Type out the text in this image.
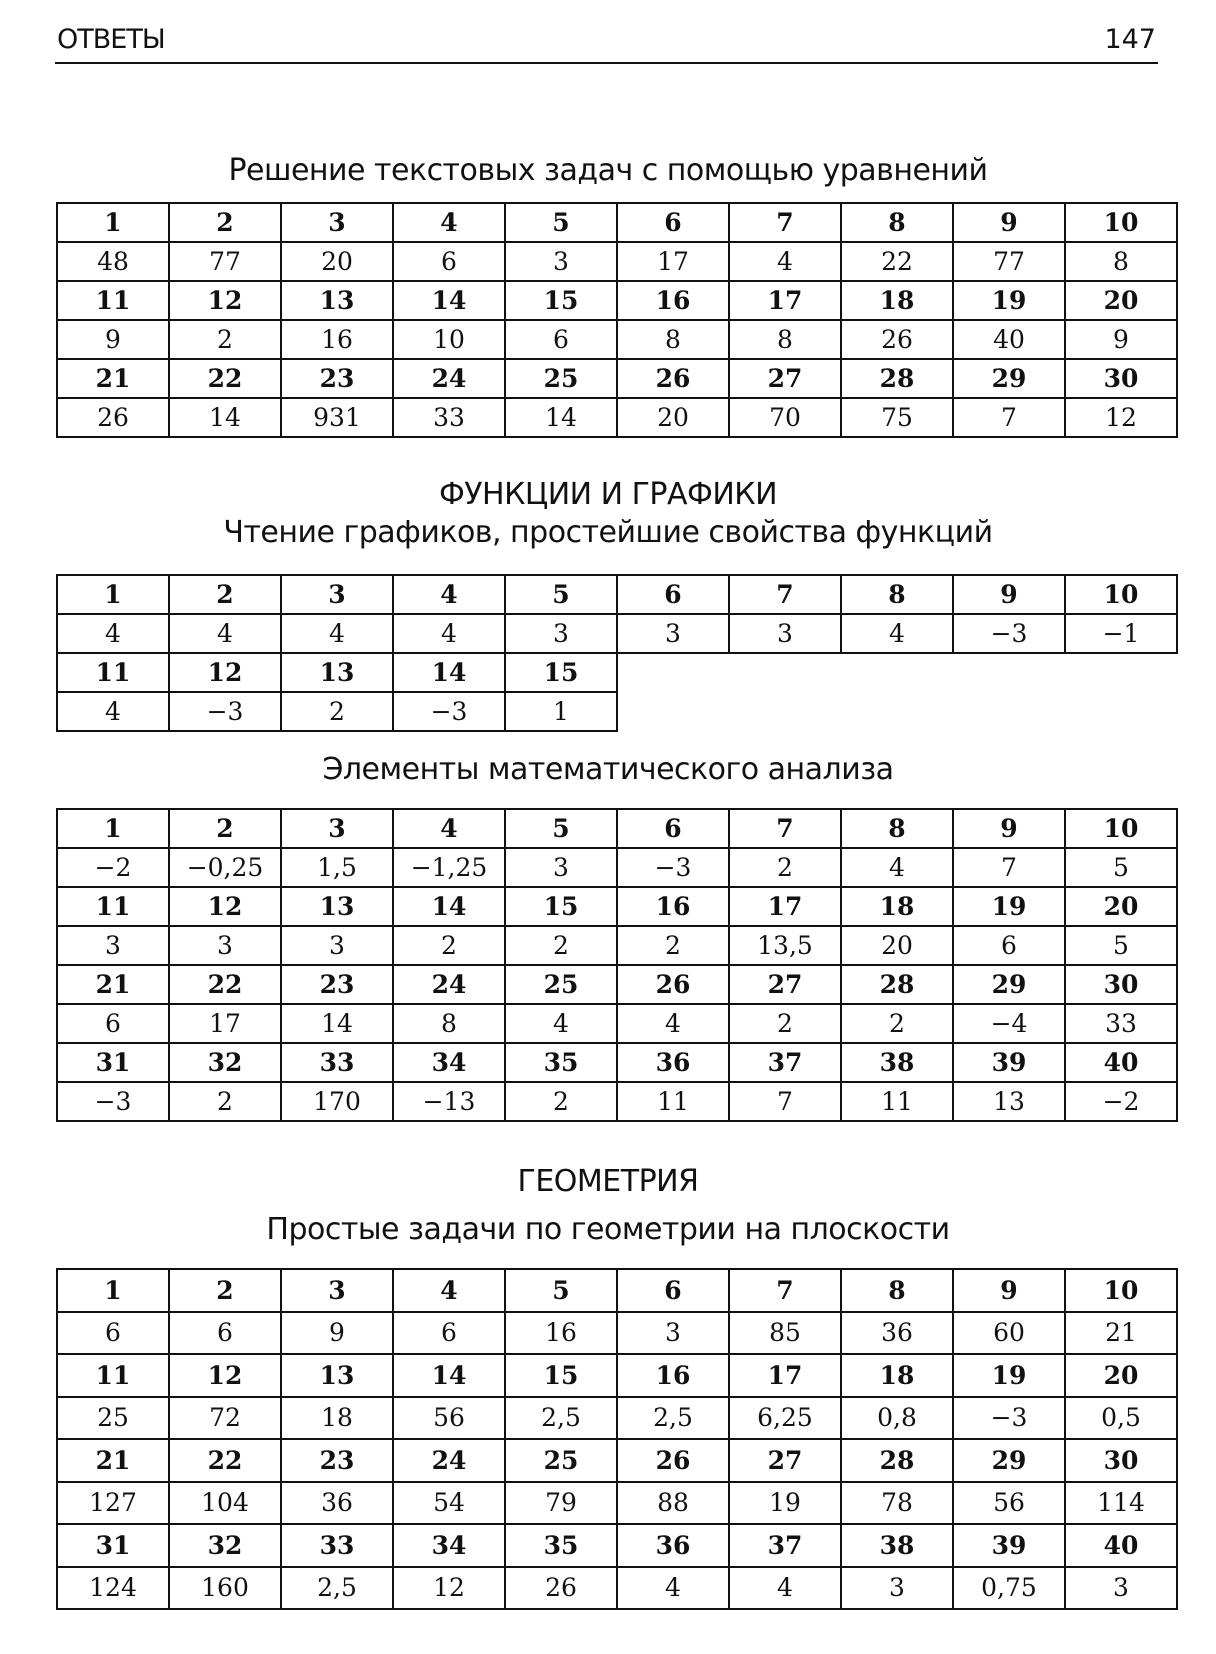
ОТВЕТЫ	147
Решение текстовых задач с помощью уравнений
1	2	3	4	5	6	7	8	9	10
48	77	20	6	3	17	4	22	77	8
11	12	13	14	15	16	17	18	19	20
9	2	16	10	6	8	8	26	40	9
21	22	23	24	25	26	27	28	29	30
26	14	931	33	14	20	70	75	7	12
ФУНКЦИИ И ГРАФИКИ
Чтение графиков, простейшие свойства функций
1	2	3	4	5	6	7	8	9	10
4	4	4	4	3	3	3	4	−3	−1
11	12	13	14	15					
4	−3	2	−3	1					
Элементы математического анализа
1	2	3	4	5	6	7	8	9	10
−2	−0,25	1,5	−1,25	3	−3	2	4	7	5
11	12	13	14	15	16	17	18	19	20
3	3	3	2	2	2	13,5	20	6	5
21	22	23	24	25	26	27	28	29	30
6	17	14	8	4	4	2	2	−4	33
31	32	33	34	35	36	37	38	39	40
−3	2	170	−13	2	11	7	11	13	−2
ГЕОМЕТРИЯ
Простые задачи по геометрии на плоскости
1	2	3	4	5	6	7	8	9	10
6	6	9	6	16	3	85	36	60	21
11	12	13	14	15	16	17	18	19	20
25	72	18	56	2,5	2,5	6,25	0,8	−3	0,5
21	22	23	24	25	26	27	28	29	30
127	104	36	54	79	88	19	78	56	114
31	32	33	34	35	36	37	38	39	40
124	160	2,5	12	26	4	4	3	0,75	3
